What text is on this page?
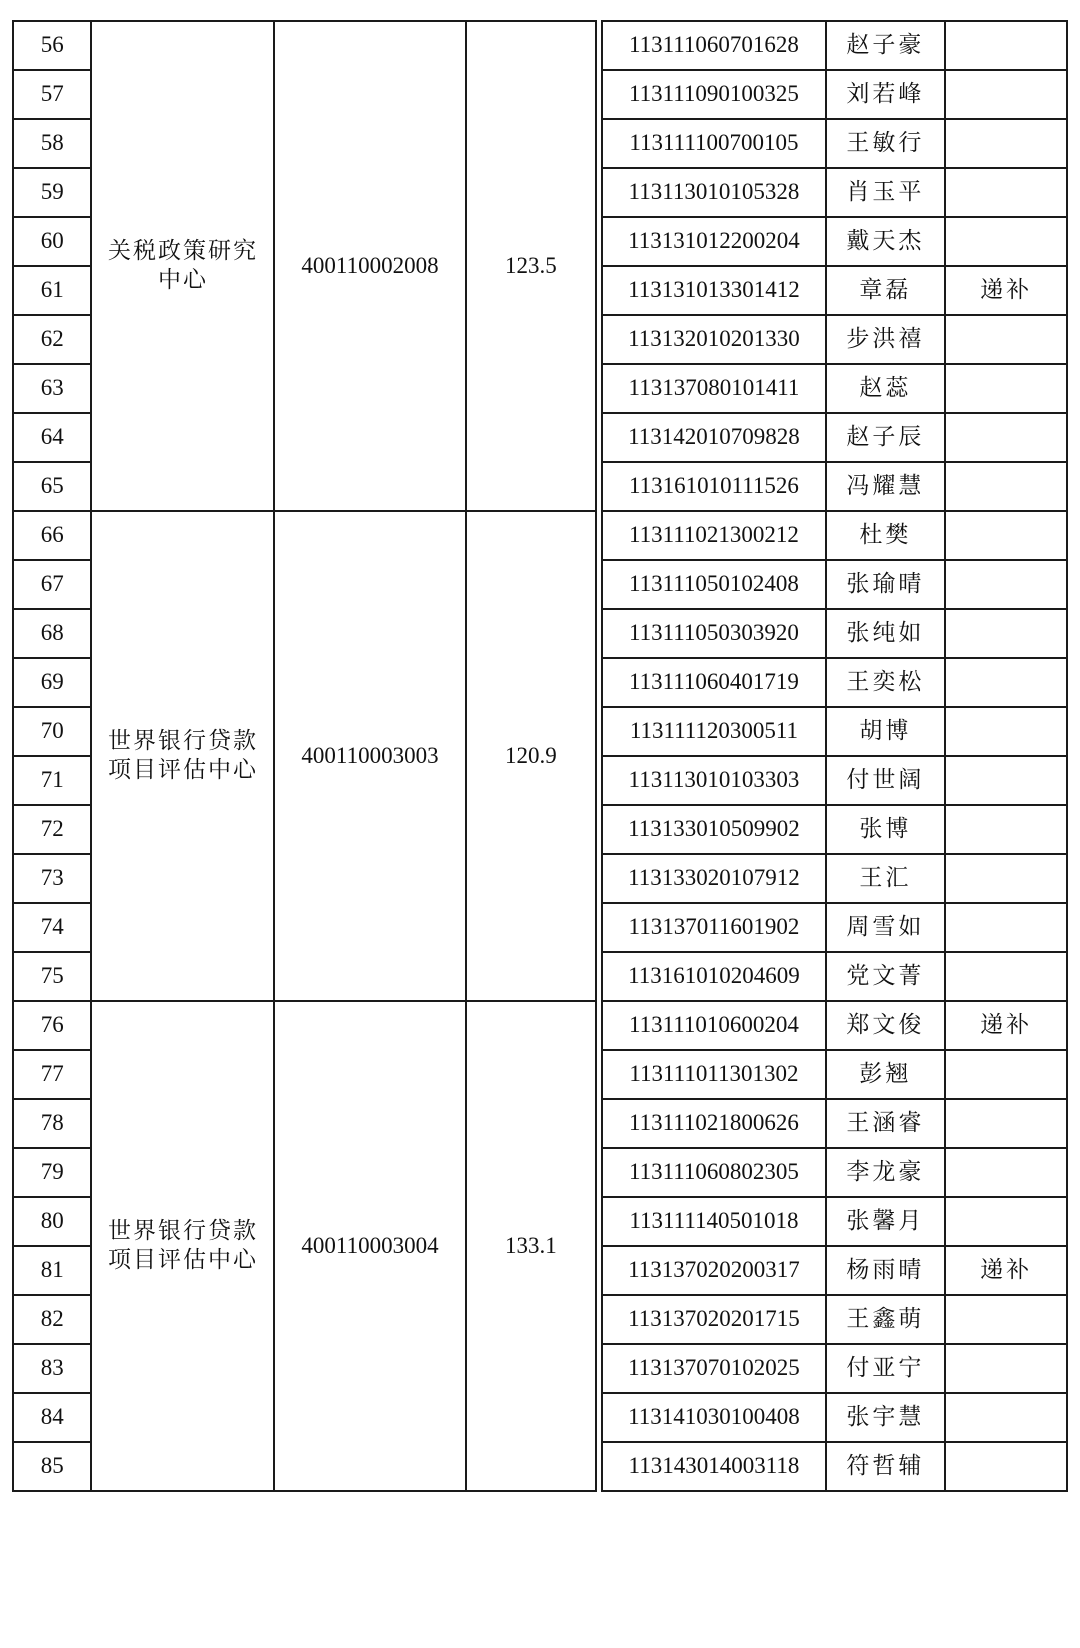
56	关税政策研究中心	400110002008	123.5		113111060701628	赵子豪	
57					113111090100325	刘若峰	
58					113111100700105	王敏行	
59					113113010105328	肖玉平	
60					113131012200204	戴天杰	
61					113131013301412	章磊	递补
62					113132010201330	步洪禧	
63					113137080101411	赵蕊	
64					113142010709828	赵子辰	
65					113161010111526	冯耀慧	
66	世界银行贷款项目评估中心	400110003003	120.9		113111021300212	杜樊	
67					113111050102408	张瑜晴	
68					113111050303920	张纯如	
69					113111060401719	王奕松	
70					113111120300511	胡博	
71					113113010103303	付世阔	
72					113133010509902	张博	
73					113133020107912	王汇	
74					113137011601902	周雪如	
75					113161010204609	党文菁	
76	世界银行贷款项目评估中心	400110003004	133.1		113111010600204	郑文俊	递补
77					113111011301302	彭翘	
78					113111021800626	王涵睿	
79					113111060802305	李龙豪	
80					113111140501018	张馨月	
81					113137020200317	杨雨晴	递补
82					113137020201715	王鑫萌	
83					113137070102025	付亚宁	
84					113141030100408	张宇慧	
85					113143014003118	符哲辅	
